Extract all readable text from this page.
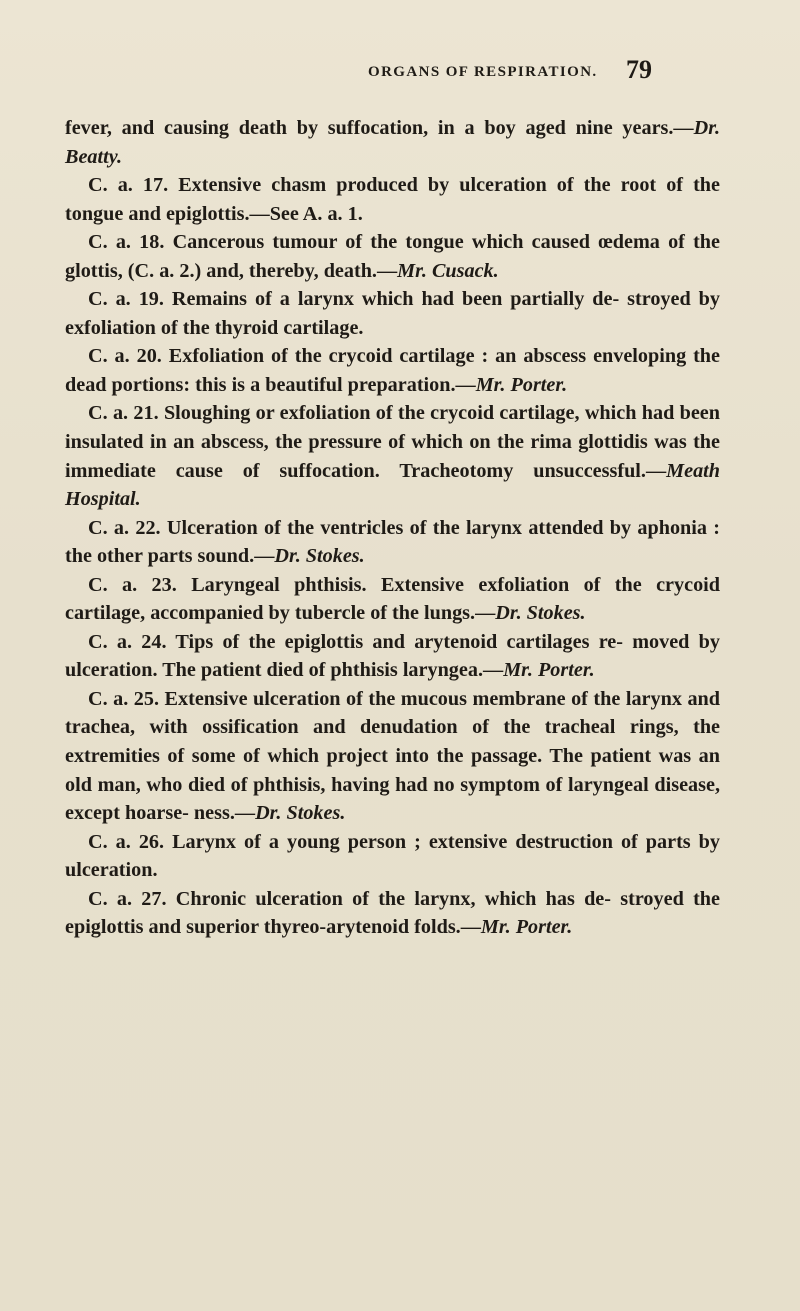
ORGANS OF RESPIRATION. 79

fever, and causing death by suffocation, in a boy aged nine years.—Dr. Beatty.

C. a. 17. Extensive chasm produced by ulceration of the root of the tongue and epiglottis.—See A. a. 1.

C. a. 18. Cancerous tumour of the tongue which caused œdema of the glottis, (C. a. 2.) and, thereby, death.—Mr. Cusack.

C. a. 19. Remains of a larynx which had been partially de- stroyed by exfoliation of the thyroid cartilage.

C. a. 20. Exfoliation of the crycoid cartilage : an abscess enveloping the dead portions: this is a beautiful preparation.—Mr. Porter.

C. a. 21. Sloughing or exfoliation of the crycoid cartilage, which had been insulated in an abscess, the pressure of which on the rima glottidis was the immediate cause of suffocation. Tracheotomy unsuccessful.—Meath Hospital.

C. a. 22. Ulceration of the ventricles of the larynx attended by aphonia : the other parts sound.—Dr. Stokes.

C. a. 23. Laryngeal phthisis. Extensive exfoliation of the crycoid cartilage, accompanied by tubercle of the lungs.—Dr. Stokes.

C. a. 24. Tips of the epiglottis and arytenoid cartilages re- moved by ulceration. The patient died of phthisis laryngea.—Mr. Porter.

C. a. 25. Extensive ulceration of the mucous membrane of the larynx and trachea, with ossification and denudation of the tracheal rings, the extremities of some of which project into the passage. The patient was an old man, who died of phthisis, having had no symptom of laryngeal disease, except hoarse- ness.—Dr. Stokes.

C. a. 26. Larynx of a young person ; extensive destruction of parts by ulceration.

C. a. 27. Chronic ulceration of the larynx, which has de- stroyed the epiglottis and superior thyreo-arytenoid folds.—Mr. Porter.
